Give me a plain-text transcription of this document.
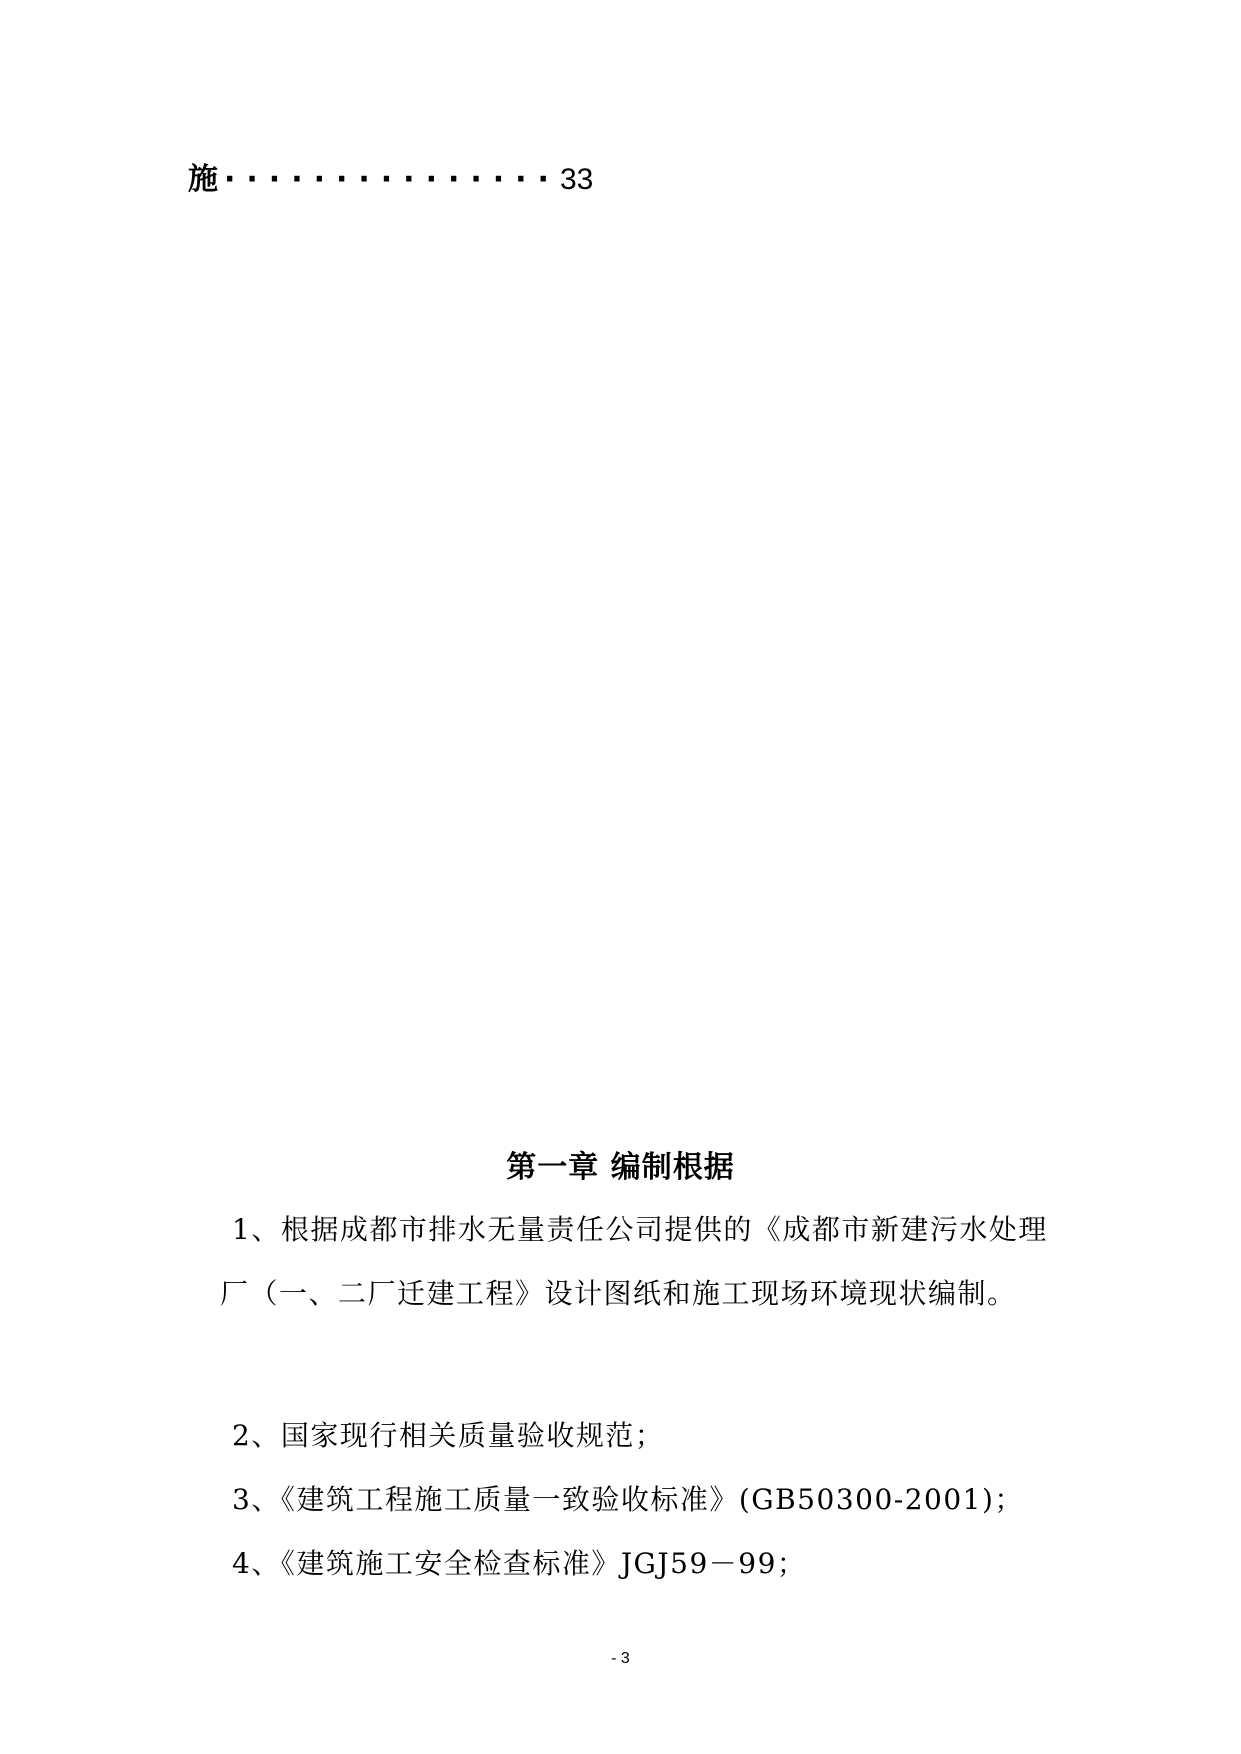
施 ···············33
第一章 编制根据
1、根据成都市排水无量责任公司提供的《成都市新建污水处理厂（一、二厂迁建工程》设计图纸和施工现场环境现状编制。
2、国家现行相关质量验收规范；
3、《建筑工程施工质量一致验收标准》(GB50300-2001)；
4、《建筑施工安全检查标准》JGJ59－99；
- 3
